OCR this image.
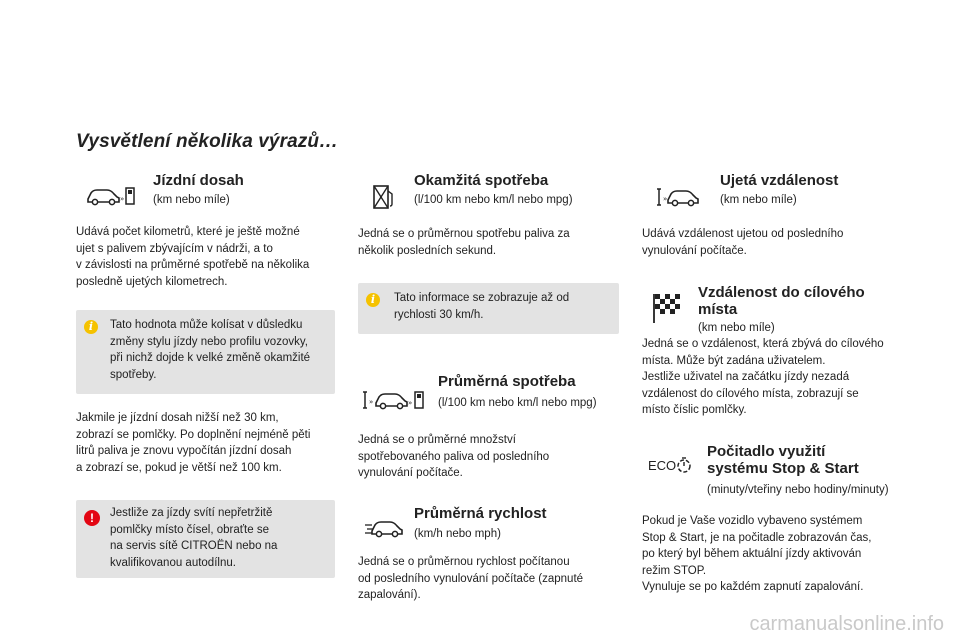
Vysvětlení několika výrazů…
»
Jízdní dosah
(km nebo míle)
Udává počet kilometrů, které je ještě možné
ujet s palivem zbývajícím v nádrži, a to
v závislosti na průměrné spotřebě na několika
posledně ujetých kilometrech.
i	Tato hodnota může kolísat v důsledku
změny stylu jízdy nebo profilu vozovky,
při nichž dojde k velké změně okamžité
spotřeby.
Jakmile je jízdní dosah nižší než 30 km,
zobrazí se pomlčky. Po doplnění nejméně pěti
litrů paliva je znovu vypočítán jízdní dosah
a zobrazí se, pokud je větší než 100 km.
!	Jestliže za jízdy svítí nepřetržitě
pomlčky místo čísel, obraťte se
na servis sítě CITROËN nebo na
kvalifikovanou autodílnu.
Okamžitá spotřeba
(l/100 km nebo km/l nebo mpg)
Jedná se o průměrnou spotřebu paliva za
několik posledních sekund.
i	Tato informace se zobrazuje až od
rychlosti 30 km/h.
»	»
Průměrná spotřeba
(l/100 km nebo km/l nebo mpg)
Jedná se o průměrné množství
spotřebovaného paliva od posledního
vynulování počítače.
Průměrná rychlost
(km/h nebo mph)
Jedná se o průměrnou rychlost počítanou
od posledního vynulování počítače (zapnuté
zapalování).
»
Ujetá vzdálenost
(km nebo míle)
Udává vzdálenost ujetou od posledního
vynulování počítače.
Vzdálenost do cílového
místa
(km nebo míle)
Jedná se o vzdálenost, která zbývá do cílového
místa. Může být zadána uživatelem.
Jestliže uživatel na začátku jízdy nezadá
vzdálenost do cílového místa, zobrazují se
místo číslic pomlčky.
ECO
Počitadlo využití
systému Stop & Start
(minuty/vteřiny nebo hodiny/minuty)
Pokud je Vaše vozidlo vybaveno systémem
Stop & Start, je na počitadle zobrazován čas,
po který byl během aktuální jízdy aktivován
režim STOP.
Vynuluje se po každém zapnutí zapalování.
carmanualsonline.info
